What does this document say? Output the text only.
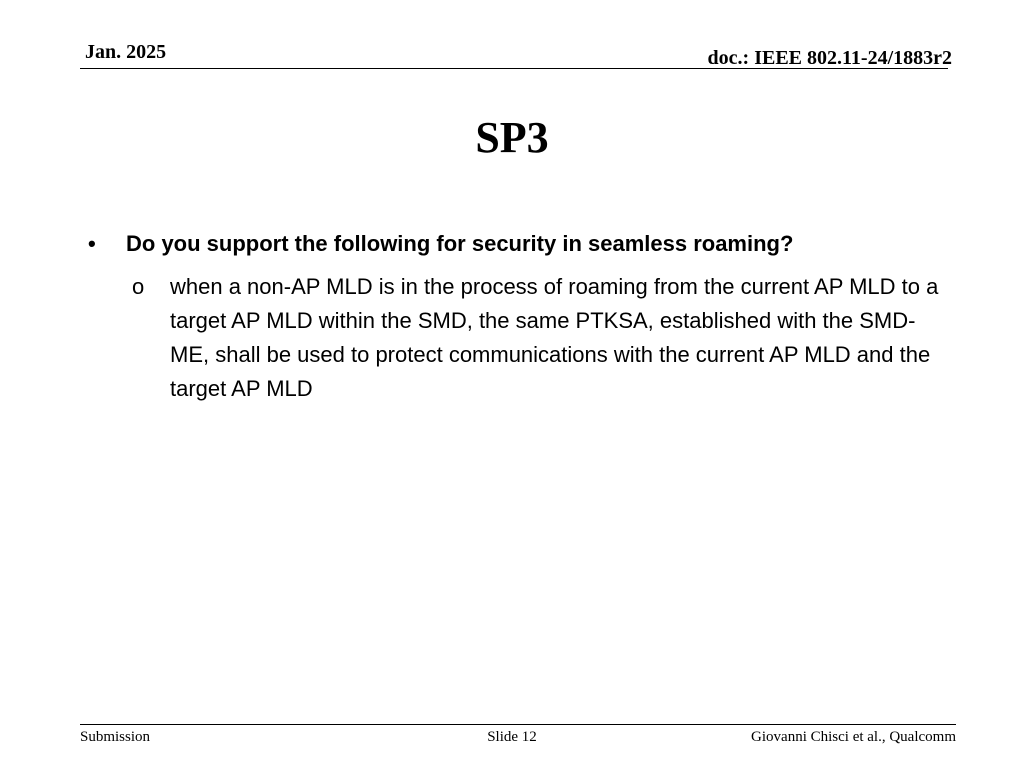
Jan. 2025	doc.: IEEE 802.11-24/1883r2
SP3
• Do you support the following for security in seamless roaming?
o when a non-AP MLD is in the process of roaming from the current AP MLD to a target AP MLD within the SMD, the same PTKSA, established with the SMD-ME, shall be used to protect communications with the current AP MLD and the target AP MLD
Submission	Slide 12	Giovanni Chisci et al., Qualcomm
